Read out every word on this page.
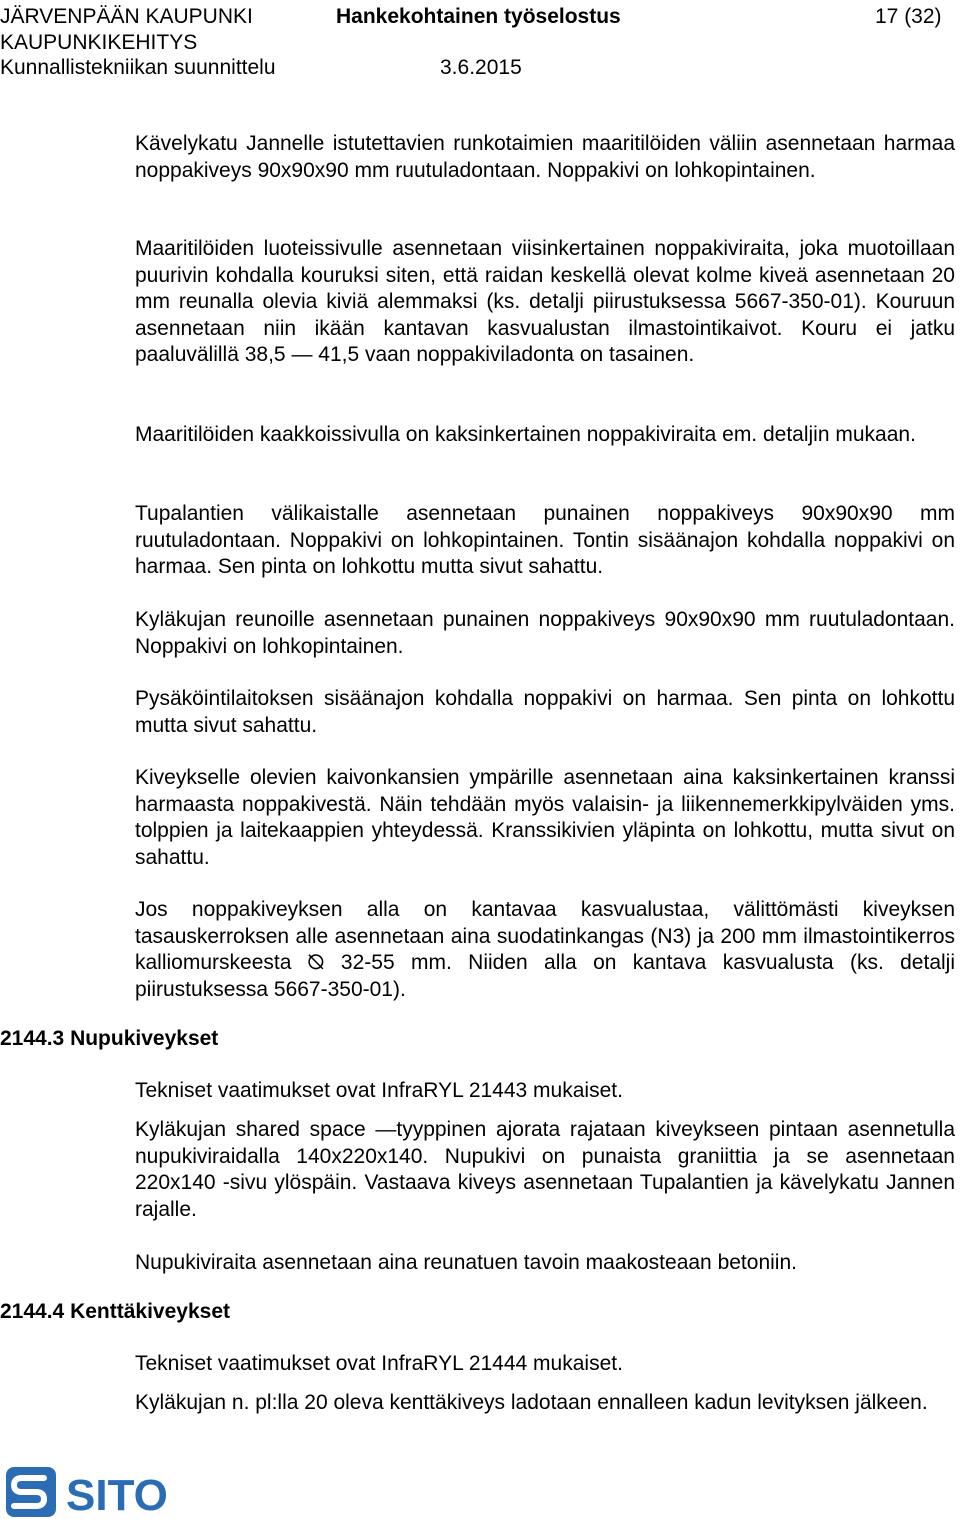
JÄRVENPÄÄN KAUPUNKI
KAUPUNKIKEHITYS
Kunnallistekniikan suunnittelu
Hankekohtainen työselostus
3.6.2015
17 (32)

Kävelykatu Jannelle istutettavien runkotaimien maaritilöiden väliin asennetaan harmaa noppakiveys 90x90x90 mm ruutuladontaan. Noppakivi on lohkopintainen.

Maaritilöiden luoteissivulle asennetaan viisinkertainen noppakiviraita, joka muotoillaan puurivin kohdalla kouruksi siten, että raidan keskellä olevat kolme kiveä asennetaan 20 mm reunalla olevia kiviä alemmaksi (ks. detalji piirustuksessa 5667-350-01). Kouruun asennetaan niin ikään kantavan kasvualustan ilmastointikaivot. Kouru ei jatku paaluvälillä 38,5 — 41,5 vaan noppakiviladonta on tasainen.

Maaritilöiden kaakkoissivulla on kaksinkertainen noppakiviraita em. detaljin mukaan.

Tupalantien välikaistalle asennetaan punainen noppakiveys 90x90x90 mm ruutuladontaan. Noppakivi on lohkopintainen. Tontin sisäänajon kohdalla noppakivi on harmaa. Sen pinta on lohkottu mutta sivut sahattu.

Kyläkujan reunoille asennetaan punainen noppakiveys 90x90x90 mm ruutuladontaan. Noppakivi on lohkopintainen.

Pysäköintilaitoksen sisäänajon kohdalla noppakivi on harmaa. Sen pinta on lohkottu mutta sivut sahattu.

Kiveykselle olevien kaivonkansien ympärille asennetaan aina kaksinkertainen kranssi harmaasta noppakivestä. Näin tehdään myös valaisin- ja liikennemerkkipylväiden yms. tolppien ja laitekaappien yhteydessä. Kranssikivien yläpinta on lohkottu, mutta sivut on sahattu.

Jos noppakiveyksen alla on kantavaa kasvualustaa, välittömästi kiveyksen tasauskerroksen alle asennetaan aina suodatinkangas (N3) ja 200 mm ilmastointikerros kalliomurskeesta ⦰ 32-55 mm. Niiden alla on kantava kasvualusta (ks. detalji piirustuksessa 5667-350-01).

2144.3 Nupukiveykset

Tekniset vaatimukset ovat InfraRYL 21443 mukaiset.

Kyläkujan shared space —tyyppinen ajorata rajataan kiveykseen pintaan asennetulla nupukiviraidalla 140x220x140. Nupukivi on punaista graniittia ja se asennetaan 220x140 -sivu ylöspäin. Vastaava kiveys asennetaan Tupalantien ja kävelykatu Jannen rajalle.

Nupukiviraita asennetaan aina reunatuen tavoin maakosteaan betoniin.

2144.4 Kenttäkiveykset

Tekniset vaatimukset ovat InfraRYL 21444 mukaiset.

Kyläkujan n. pl:lla 20 oleva kenttäkiveys ladotaan ennalleen kadun levityksen jälkeen.

SITO
